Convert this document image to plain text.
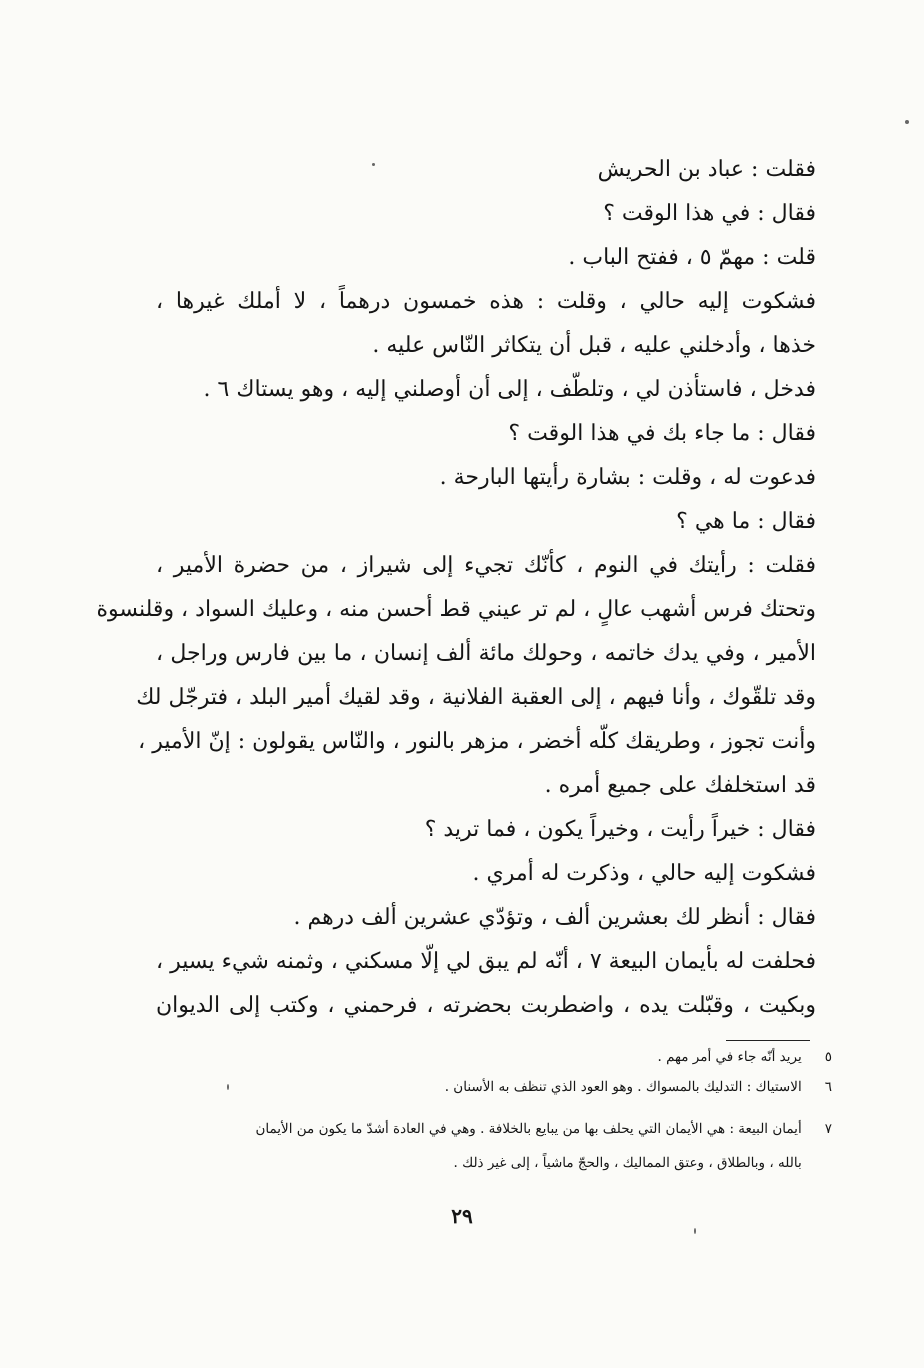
فقلت : عباد بن الحريش
فقال : في هذا الوقت ؟
قلت : مهمّ ٥ ، ففتح الباب .
فشكوت إليه حالي ، وقلت : هذه خمسون درهماً ، لا أملك غيرها ،
خذها ، وأدخلني عليه ، قبل أن يتكاثر النّاس عليه .
فدخل ، فاستأذن لي ، وتلطّف ، إلى أن أوصلني إليه ، وهو يستاك ٦ .
فقال : ما جاء بك في هذا الوقت ؟
فدعوت له ، وقلت : بشارة رأيتها البارحة .
فقال : ما هي ؟
فقلت : رأيتك في النوم ، كأنّك تجيء إلى شيراز ، من حضرة الأمير ،
وتحتك فرس أشهب عالٍ ، لم تر عيني قط أحسن منه ، وعليك السواد ، وقلنسوة
الأمير ، وفي يدك خاتمه ، وحولك مائة ألف إنسان ، ما بين فارس وراجل ،
وقد تلقّوك ، وأنا فيهم ، إلى العقبة الفلانية ، وقد لقيك أمير البلد ، فترجّل لك
وأنت تجوز ، وطريقك كلّه أخضر ، مزهر بالنور ، والنّاس يقولون : إنّ الأمير ،
قد استخلفك على جميع أمره .
فقال : خيراً رأيت ، وخيراً يكون ، فما تريد ؟
فشكوت إليه حالي ، وذكرت له أمري .
فقال : أنظر لك بعشرين ألف ، وتؤدّي عشرين ألف درهم .
فحلفت له بأيمان البيعة ٧ ، أنّه لم يبق لي إلّا مسكني ، وثمنه شيء يسير ،
وبكيت ، وقبّلت يده ، واضطربت بحضرته ، فرحمني ، وكتب إلى الديوان
٥ يريد أنّه جاء في أمر مهم .
٦ الاستياك : التدليك بالمسواك . وهو العود الذي تنظف به الأسنان .
٧ أيمان البيعة : هي الأيمان التي يحلف بها من يبايع بالخلافة . وهي في العادة أشدّ ما يكون من الأيمان
بالله ، وبالطلاق ، وعتق المماليك ، والحجّ ماشياً ، إلى غير ذلك .
٢٩
